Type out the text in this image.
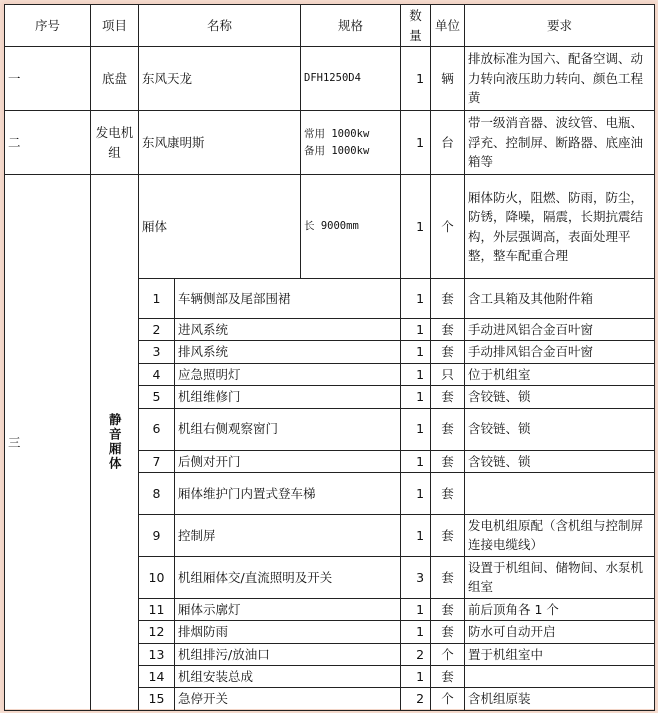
序号	项目	名称		规格	数量	单位	要求
一	底盘	东风天龙		DFH1250D4	1	辆	排放标准为国六、配备空调、动力转向液压助力转向、颜色工程黄
二	发电机组	东风康明斯		常用 1000kw
备用 1000kw	1	台	带一级消音器、波纹管、电瓶、浮充、控制屏、断路器、底座油箱等
三	静音厢体	厢体		长 9000mm	1	个	厢体防火，阻燃、防雨，防尘，防锈，降噪，隔震，长期抗震结构，外层强调高，表面处理平整，整车配重合理
		1	车辆侧部及尾部围裙		1	套	含工具箱及其他附件箱
		2	进风系统		1	套	手动进风铝合金百叶窗
		3	排风系统		1	套	手动排风铝合金百叶窗
		4	应急照明灯		1	只	位于机组室
		5	机组维修门		1	套	含铰链、锁
		6	机组右侧观察窗门		1	套	含铰链、锁
		7	后侧对开门		1	套	含铰链、锁
		8	厢体维护门内置式登车梯		1	套	
		9	控制屏		1	套	发电机组原配（含机组与控制屏连接电缆线）
		10	机组厢体交/直流照明及开关		3	套	设置于机组间、储物间、水泵机组室
		11	厢体示廓灯		1	套	前后顶角各 1 个
		12	排烟防雨		1	套	防水可自动开启
		13	机组排污/放油口		2	个	置于机组室中
		14	机组安装总成		1	套	
		15	急停开关		2	个	含机组原装
